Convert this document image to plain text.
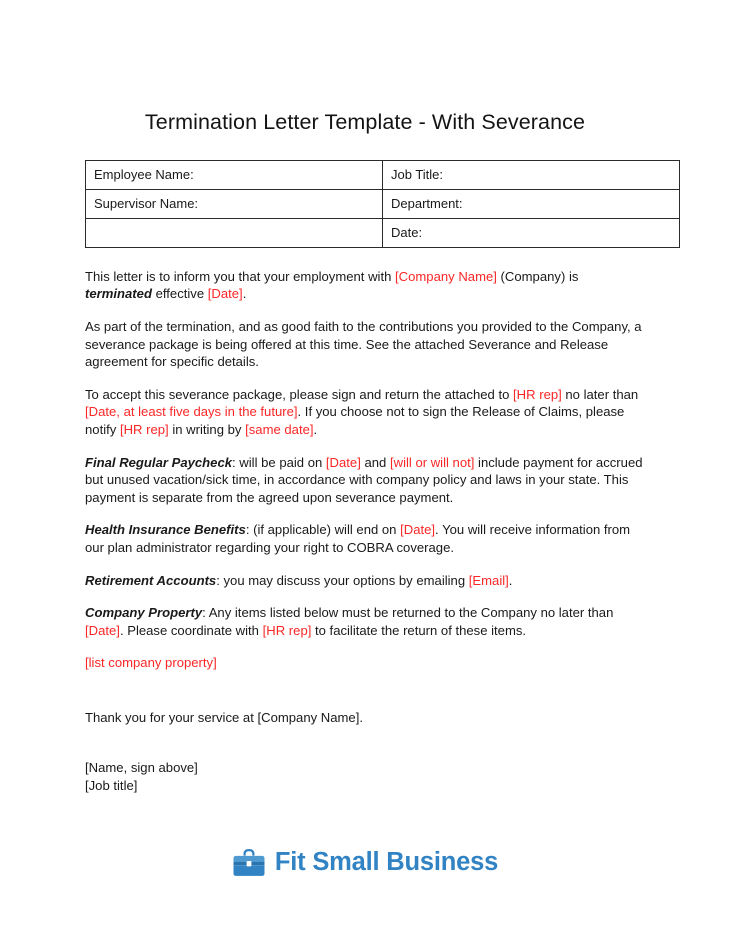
Termination Letter Template - With Severance
Employee Name:	Job Title:
Supervisor Name:	Department:
	Date:

This letter is to inform you that your employment with [Company Name] (Company) is terminated effective [Date].

As part of the termination, and as good faith to the contributions you provided to the Company, a severance package is being offered at this time. See the attached Severance and Release agreement for specific details.

To accept this severance package, please sign and return the attached to [HR rep] no later than [Date, at least five days in the future]. If you choose not to sign the Release of Claims, please notify [HR rep] in writing by [same date].

Final Regular Paycheck: will be paid on [Date] and [will or will not] include payment for accrued but unused vacation/sick time, in accordance with company policy and laws in your state. This payment is separate from the agreed upon severance payment.

Health Insurance Benefits: (if applicable) will end on [Date]. You will receive information from our plan administrator regarding your right to COBRA coverage.

Retirement Accounts: you may discuss your options by emailing [Email].

Company Property: Any items listed below must be returned to the Company no later than [Date]. Please coordinate with [HR rep] to facilitate the return of these items.

[list company property]

Thank you for your service at [Company Name].

[Name, sign above]
[Job title]
Fit Small Business
